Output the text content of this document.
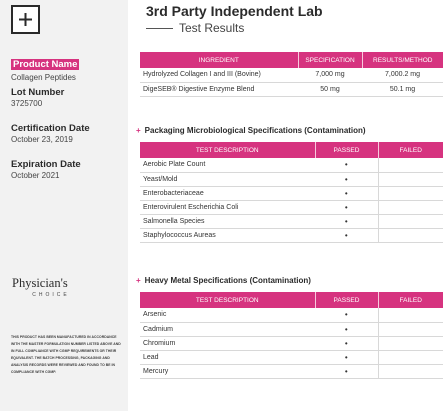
Product Name
Collagen Peptides
Lot Number
3725700
Certification Date
October 23, 2019
Expiration Date
October 2021
Physician's
CHOICE
THIS PRODUCT HAS BEEN MANUFACTURED IN ACCORDANCE WITH THE MASTER FORMULATION NUMBER LISTED ABOVE AND IN FULL COMPLIANCE WITH CGMP REQUIREMENTS OR THEIR EQUIVALENT. THE BATCH PROCESSING, PACKAGING AND ANALYSIS RECORDS WERE REVIEWED AND FOUND TO BE IN COMPLIANCE WITH CGMP.
3rd Party Independent Lab
Test Results
INGREDIENT	SPECIFICATION	RESULTS/METHOD
Hydrolyzed Collagen I and III (Bovine)	7,000 mg	7,000.2 mg
DigeSEB® Digestive Enzyme Blend	50 mg	50.1 mg
+ Packaging Microbiological Specifications (Contamination)
TEST DESCRIPTION	PASSED	FAILED
Aerobic Plate Count	•	
Yeast/Mold	•	
Enterobacteriaceae	•	
Enterovirulent Escherichia Coli	•	
Salmonella Species	•	
Staphylococcus Aureas	•	
+ Heavy Metal Specifications (Contamination)
TEST DESCRIPTION	PASSED	FAILED
Arsenic	•	
Cadmium	•	
Chromium	•	
Lead	•	
Mercury	•	
